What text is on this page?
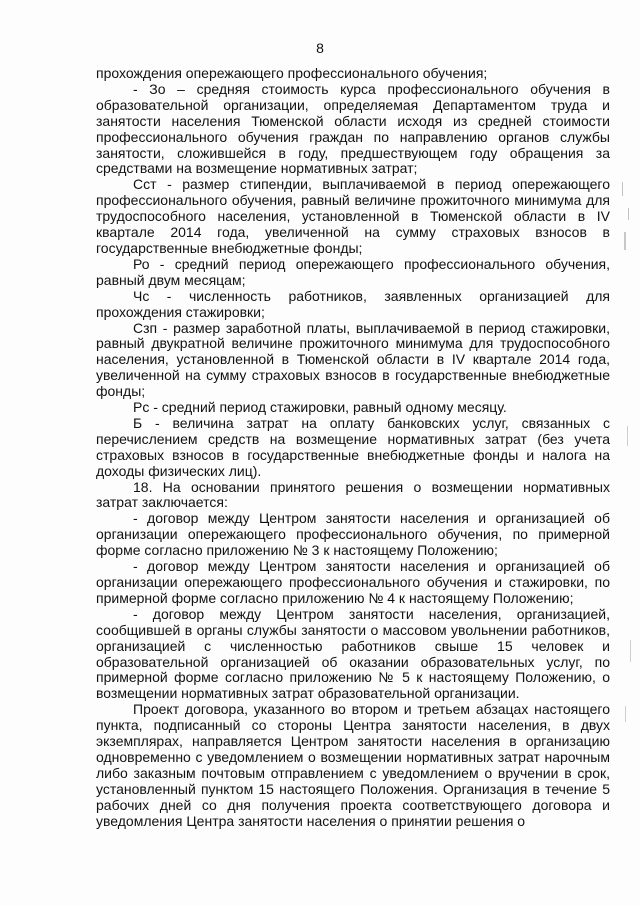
8

прохождения опережающего профессионального обучения;

- Зо – средняя стоимость курса профессионального обучения в образовательной организации, определяемая Департаментом труда и занятости населения Тюменской области исходя из средней стоимости профессионального обучения граждан по направлению органов службы занятости, сложившейся в году, предшествующем году обращения за средствами на возмещение нормативных затрат;

Сст - размер стипендии, выплачиваемой в период опережающего профессионального обучения, равный величине прожиточного минимума для трудоспособного населения, установленной в Тюменской области в IV квартале 2014 года, увеличенной на сумму страховых взносов в государственные внебюджетные фонды;

Ро - средний период опережающего профессионального обучения, равный двум месяцам;

Чс - численность работников, заявленных организацией для прохождения стажировки;

Сзп - размер заработной платы, выплачиваемой в период стажировки, равный двукратной величине прожиточного минимума для трудоспособного населения, установленной в Тюменской области в IV квартале 2014 года, увеличенной на сумму страховых взносов в государственные внебюджетные фонды;

Рс - средний период стажировки, равный одному месяцу.

Б - величина затрат на оплату банковских услуг, связанных с перечислением средств на возмещение нормативных затрат (без учета страховых взносов в государственные внебюджетные фонды и налога на доходы физических лиц).

18. На основании принятого решения о возмещении нормативных затрат заключается:

- договор между Центром занятости населения и организацией об организации опережающего профессионального обучения, по примерной форме согласно приложению № 3 к настоящему Положению;

- договор между Центром занятости населения и организацией об организации опережающего профессионального обучения и стажировки, по примерной форме согласно приложению № 4 к настоящему Положению;

- договор между Центром занятости населения, организацией, сообщившей в органы службы занятости о массовом увольнении работников, организацией с численностью работников свыше 15 человек и образовательной организацией об оказании образовательных услуг, по примерной форме согласно приложению № 5 к настоящему Положению, о возмещении нормативных затрат образовательной организации.

Проект договора, указанного во втором и третьем абзацах настоящего пункта, подписанный со стороны Центра занятости населения, в двух экземплярах, направляется Центром занятости населения в организацию одновременно с уведомлением о возмещении нормативных затрат нарочным либо заказным почтовым отправлением с уведомлением о вручении в срок, установленный пунктом 15 настоящего Положения. Организация в течение 5 рабочих дней со дня получения проекта соответствующего договора и уведомления Центра занятости населения о принятии решения о
